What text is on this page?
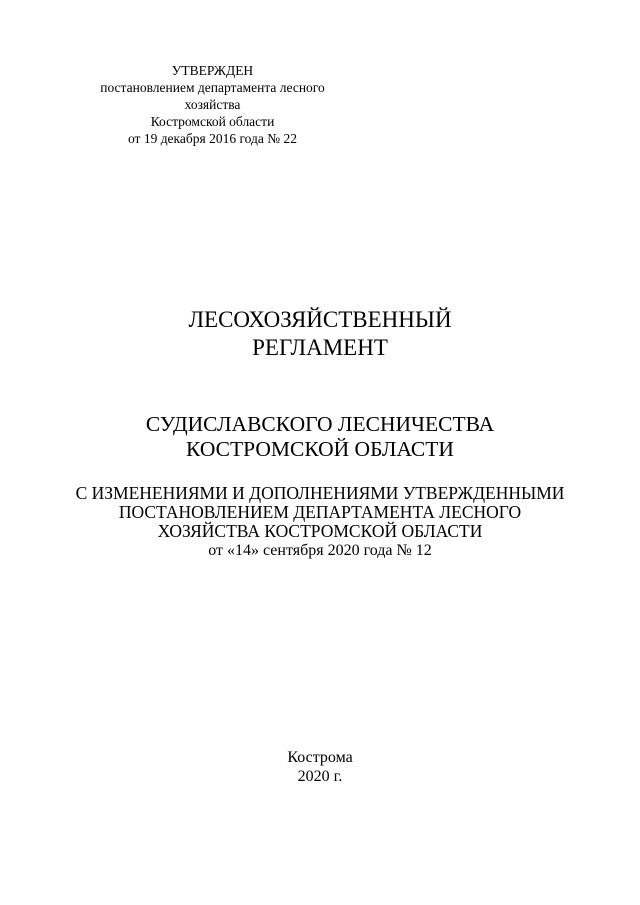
УТВЕРЖДЕН
постановлением департамента лесного
хозяйства
Костромской области
от 19 декабря 2016 года № 22
ЛЕСОХОЗЯЙСТВЕННЫЙ
РЕГЛАМЕНТ
СУДИСЛАВСКОГО ЛЕСНИЧЕСТВА
КОСТРОМСКОЙ ОБЛАСТИ
С ИЗМЕНЕНИЯМИ И ДОПОЛНЕНИЯМИ УТВЕРЖДЕННЫМИ
ПОСТАНОВЛЕНИЕМ ДЕПАРТАМЕНТА ЛЕСНОГО
ХОЗЯЙСТВА КОСТРОМСКОЙ ОБЛАСТИ
от «14» сентября 2020 года № 12
Кострома
2020 г.
